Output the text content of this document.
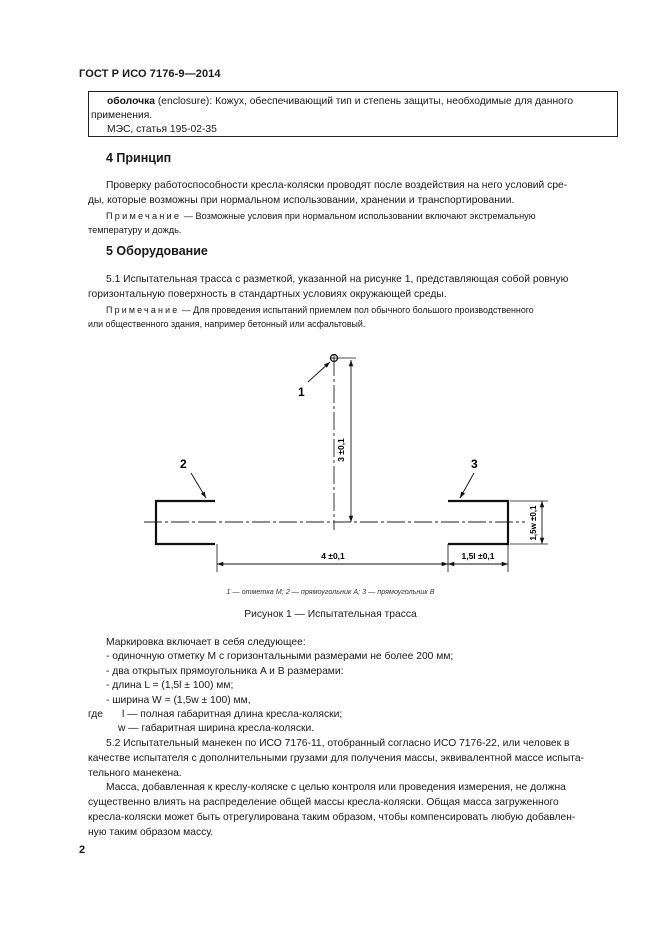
ГОСТ Р ИСО 7176-9—2014
оболочка (enclosure): Кожух, обеспечивающий тип и степень защиты, необходимые для данного
применения.
МЭС, статья 195-02-35
4 Принцип
Проверку работоспособности кресла-коляски проводят после воздействия на него условий сре-
ды, которые возможны при нормальном использовании, хранении и транспортировании.
Примечание — Возможные условия при нормальном использовании включают экстремальную
температуру и дождь.
5 Оборудование
5.1 Испытательная трасса с разметкой, указанной на рисунке 1, представляющая собой ровную
горизонтальную поверхность в стандартных условиях окружающей среды.
Примечание — Для проведения испытаний приемлем пол обычного большого производственного
или общественного здания, например бетонный или асфальтовый.
1
3 ±0,1
2	3
4 ±0,1	1,5l ±0,1
1,5w ±0,1
1 — отметка M; 2 — прямоугольник A; 3 — прямоугольник B
Рисунок 1 — Испытательная трасса
Маркировка включает в себя следующее:
- одиночную отметку M с горизонтальными размерами не более 200 мм;
- два открытых прямоугольника A и B размерами:
- длина L = (1,5l ± 100) мм;
- ширина W = (1,5w ± 100) мм,
где l — полная габаритная длина кресла-коляски;
w — габаритная ширина кресла-коляски.
5.2 Испытательный манекен по ИСО 7176-11, отобранный согласно ИСО 7176-22, или человек в
качестве испытателя с дополнительными грузами для получения массы, эквивалентной массе испыта-
тельного манекена.
Масса, добавленная к креслу-коляске с целью контроля или проведения измерения, не должна
существенно влиять на распределение общей массы кресла-коляски. Общая масса загруженного
кресла-коляски может быть отрегулирована таким образом, чтобы компенсировать любую добавлен-
ную таким образом массу.
2
